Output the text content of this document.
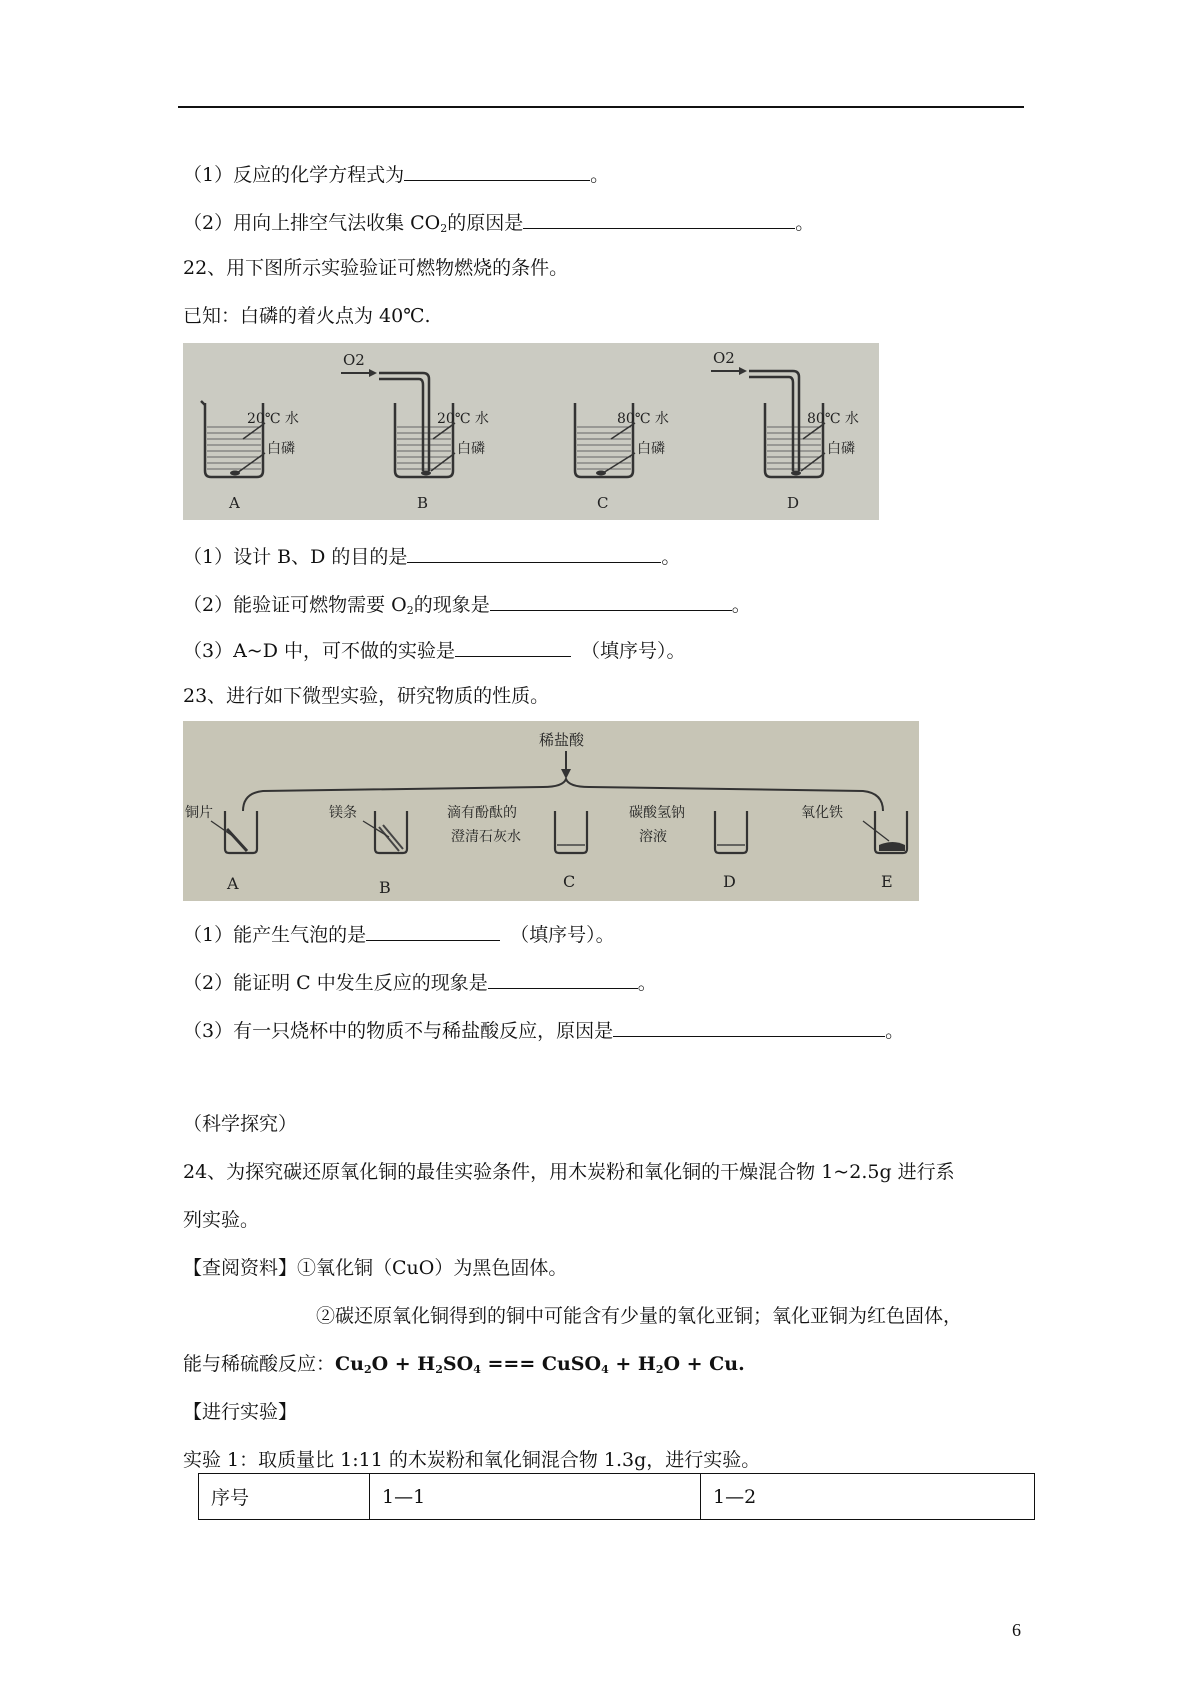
（1）反应的化学方程式为	。
（2）用向上排空气法收集 $CO_2$的原因是	。
22、用下图所示实验验证可燃物燃烧的条件。
已知：白磷的着火点为 40℃.
O2	O2
20℃ 水
白磷
A
20℃ 水
白磷
B
80℃ 水
白磷
C
80℃ 水
白磷
D
（1）设计 B、D 的目的是	。
（2）能验证可燃物需要 $O_2$的现象是	。
（3）A~D 中，可不做的实验是	（填序号）。
23、进行如下微型实验，研究物质的性质。
稀盐酸
铜片
A
镁条
B
滴有酚酞的
澄清石灰水
C
碳酸氢钠
溶液
D
氧化铁
E
（1）能产生气泡的是	（填序号）。
（2）能证明 C 中发生反应的现象是	。
（3）有一只烧杯中的物质不与稀盐酸反应，原因是	。
（科学探究）
24、为探究碳还原氧化铜的最佳实验条件，用木炭粉和氧化铜的干燥混合物 1~2.5g 进行系
列实验。
【查阅资料】①氧化铜（CuO）为黑色固体。
②碳还原氧化铜得到的铜中可能含有少量的氧化亚铜；氧化亚铜为红色固体，
能与稀硫酸反应：$Cu_2O + H_2SO_4$ === CuSO$_4$ + $H_2O + Cu$.
【进行实验】
实验 1：取质量比 1:11 的木炭粉和氧化铜混合物 1.3g，进行实验。
序号	1—1	1—2
6
